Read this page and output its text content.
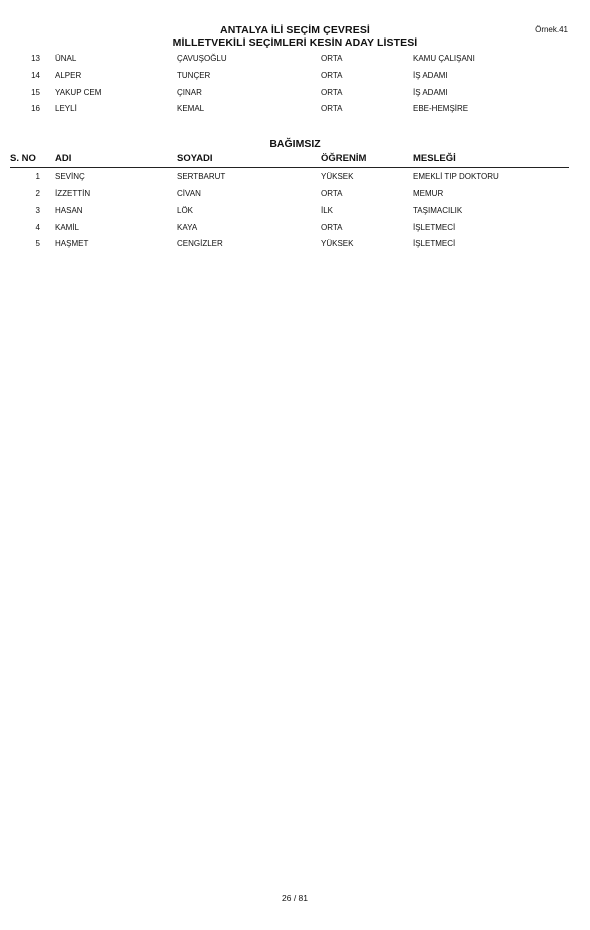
ANTALYA İLİ SEÇİM ÇEVRESİ
MİLLETVEKİLİ SEÇİMLERİ KESİN ADAY LİSTESİ
Örnek.41
13 ÜNAL	ÇAVUŞOĞLU	ORTA	KAMU ÇALIŞANI
14 ALPER	TUNÇER	ORTA	İŞ ADAMI
15 YAKUP CEM	ÇINAR	ORTA	İŞ ADAMI
16 LEYLİ	KEMAL	ORTA	EBE-HEMŞİRE
BAĞIMSIZ
S. NO ADI	SOYADI	ÖĞRENİM	MESLEĞİ
1 SEVİNÇ	SERTBARUT	YÜKSEK	EMEKLİ TIP DOKTORU
2 İZZETTİN	CİVAN	ORTA	MEMUR
3 HASAN	LÖK	İLK	TAŞIMACILIK
4 KAMİL	KAYA	ORTA	İŞLETMECİ
5 HAŞMET	CENGİZLER	YÜKSEK	İŞLETMECİ
26 / 81
